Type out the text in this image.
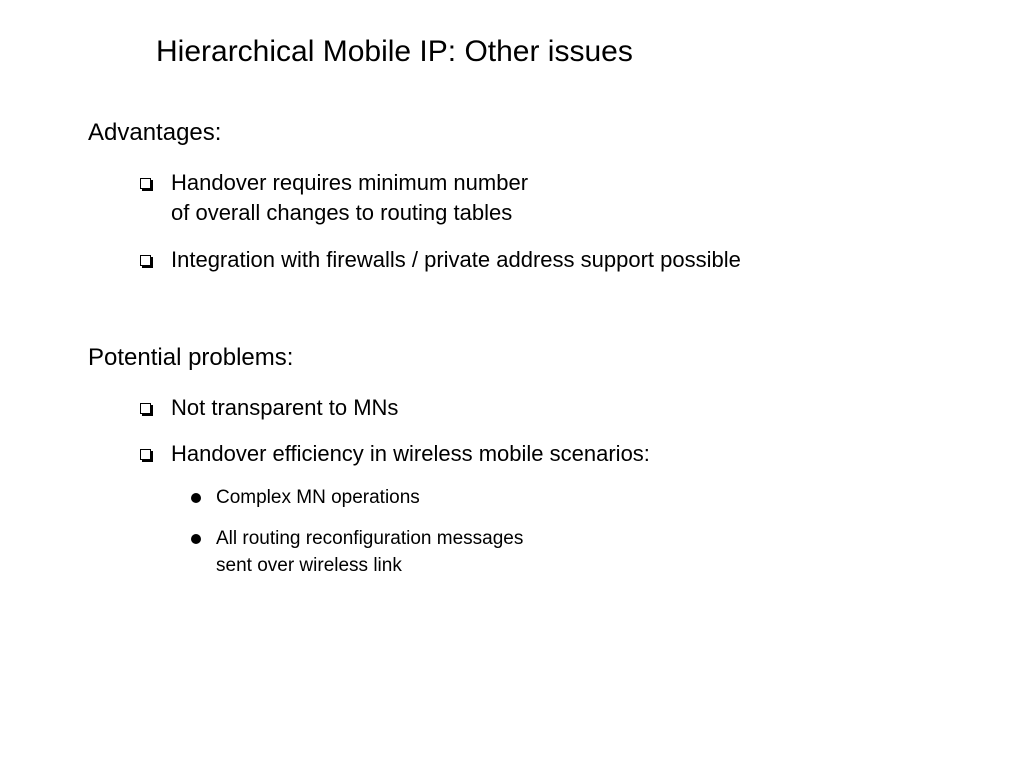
Hierarchical Mobile IP: Other issues
Advantages:
Handover requires minimum number
of overall changes to routing tables
Integration with firewalls / private address support possible
Potential problems:
Not transparent to MNs
Handover efficiency in wireless mobile scenarios:
Complex MN operations
All routing reconfiguration messages
sent over wireless link
